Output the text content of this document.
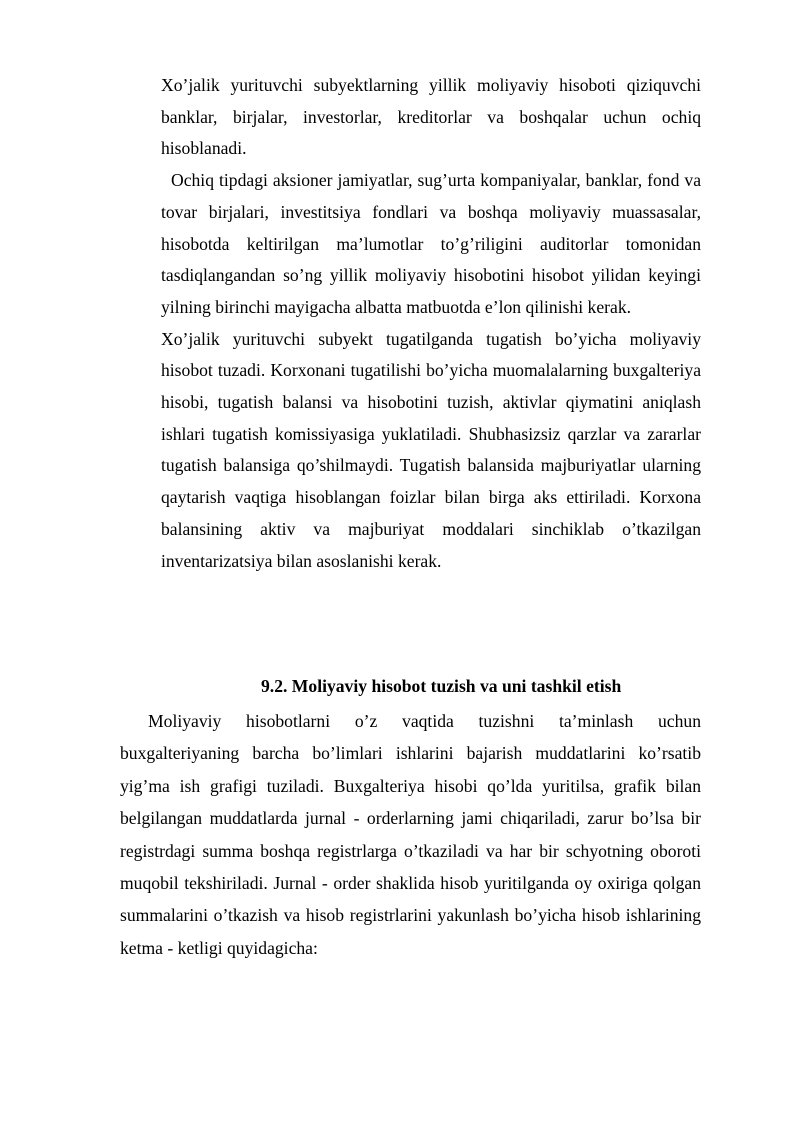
Xo’jalik yurituvchi subyektlarning yillik moliyaviy hisoboti qiziquvchi banklar, birjalar, investorlar, kreditorlar va boshqalar uchun ochiq hisoblanadi.

Ochiq tipdagi aksioner jamiyatlar, sug’urta kompaniyalar, banklar, fond va tovar birjalari, investitsiya fondlari va boshqa moliyaviy muassasalar, hisobotda keltirilgan ma’lumotlar to’g’riligini auditorlar tomonidan tasdiqlangandan so’ng yillik moliyaviy hisobotini hisobot yilidan keyingi yilning birinchi mayigacha albatta matbuotda e’lon qilinishi kerak.

Xo’jalik yurituvchi subyekt tugatilganda tugatish bo’yicha moliyaviy hisobot tuzadi. Korxonani tugatilishi bo’yicha muomalalarning buxgalteriya hisobi, tugatish balansi va hisobotini tuzish, aktivlar qiymatini aniqlash ishlari tugatish komissiyasiga yuklatiladi. Shubhasizsiz qarzlar va zararlar tugatish balansiga qo’shilmaydi. Tugatish balansida majburiyatlar ularning qaytarish vaqtiga hisoblangan foizlar bilan birga aks ettiriladi. Korxona balansining aktiv va majburiyat moddalari sinchiklab o’tkazilgan inventarizatsiya bilan asoslanishi kerak.

9.2. Moliyaviy hisobot tuzish va uni tashkil etish

Moliyaviy hisobotlarni o’z vaqtida tuzishni ta’minlash uchun buxgalteriyaning barcha bo’limlari ishlarini bajarish muddatlarini ko’rsatib yig’ma ish grafigi tuziladi. Buxgalteriya hisobi qo’lda yuritilsa, grafik bilan belgilangan muddatlarda jurnal - orderlarning jami chiqariladi, zarur bo’lsa bir registrdagi summa boshqa registrlarga o’tkaziladi va har bir schyotning oboroti muqobil tekshiriladi. Jurnal - order shaklida hisob yuritilganda oy oxiriga qolgan summalarini o’tkazish va hisob registrlarini yakunlash bo’yicha hisob ishlarining ketma - ketligi quyidagicha:
